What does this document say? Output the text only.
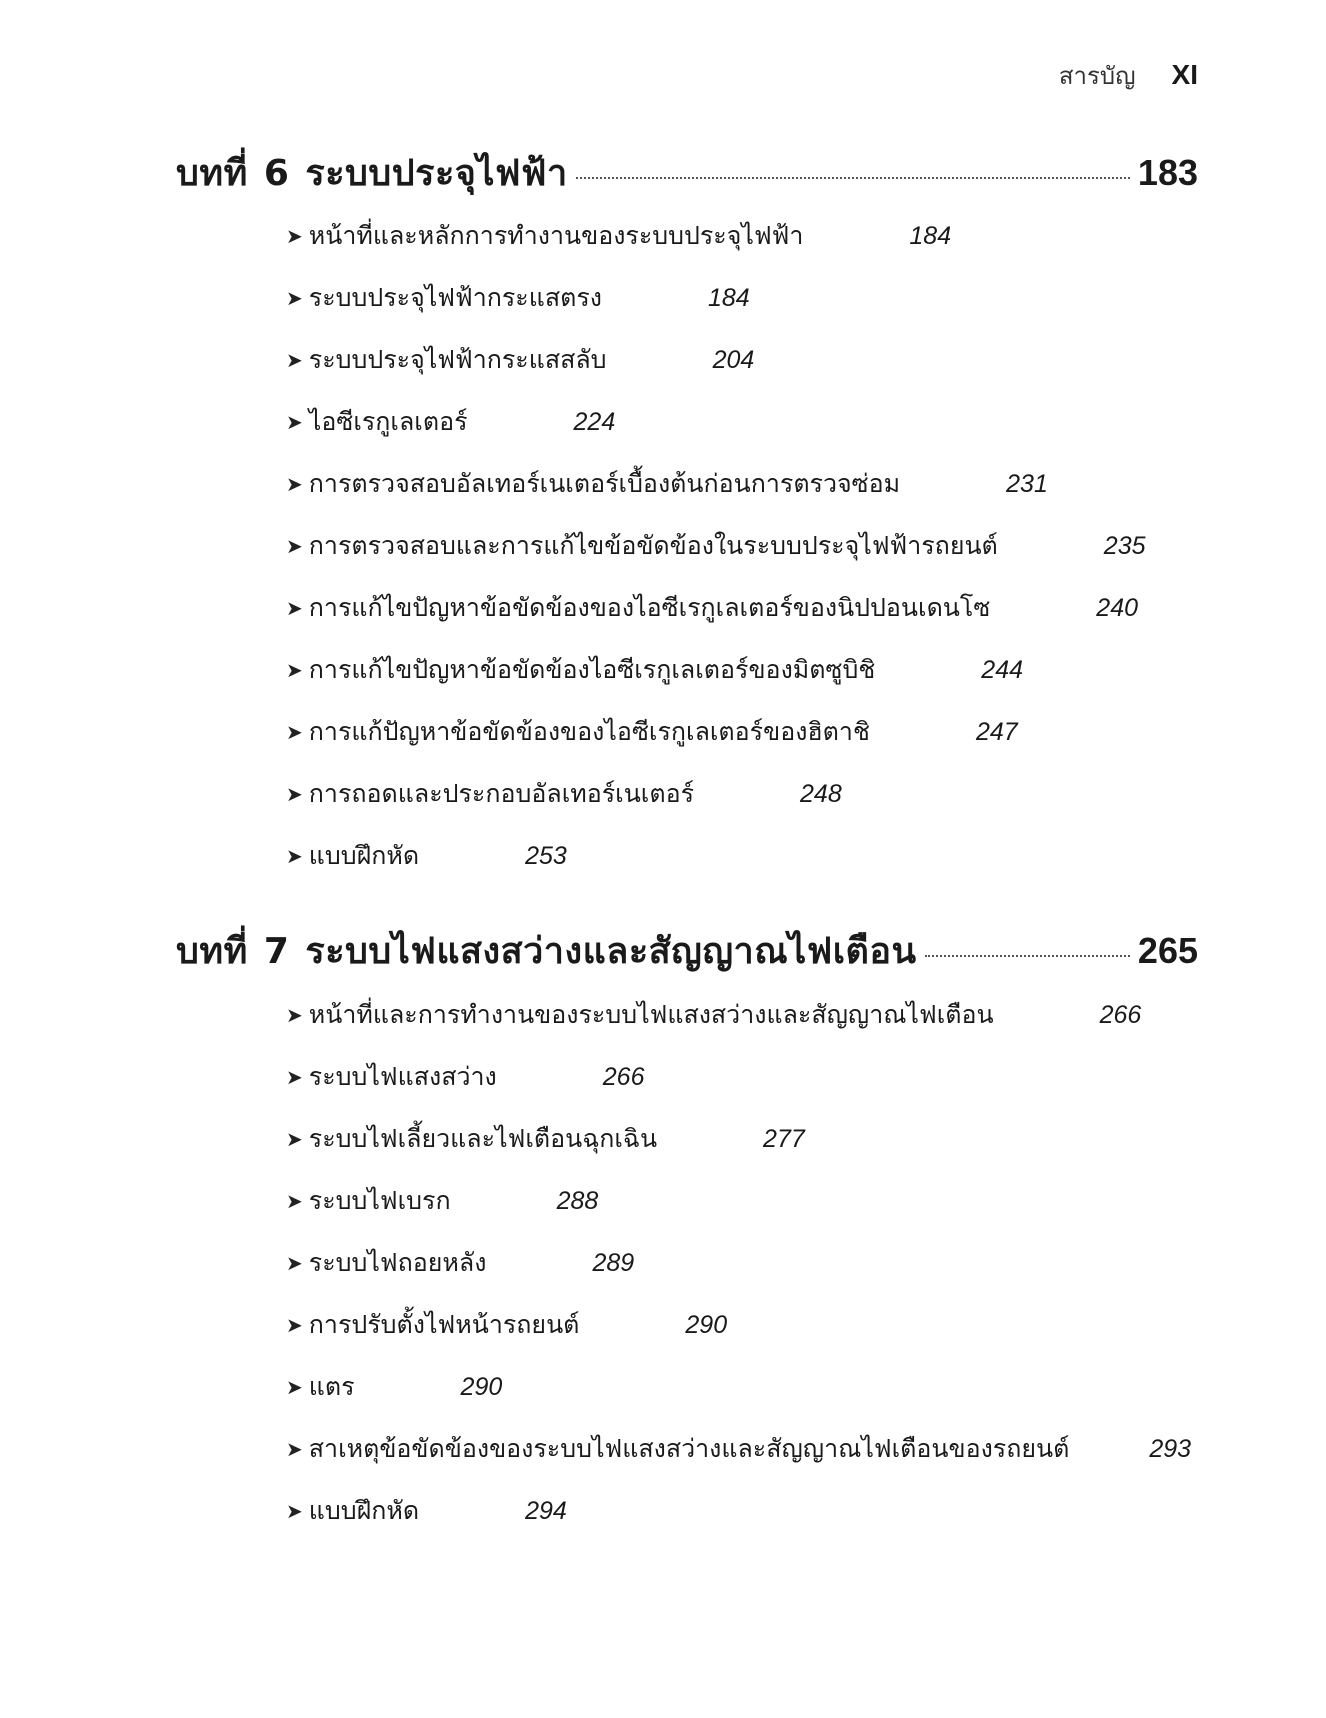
สารบัญ XI
บทที่ 6 ระบบประจุไฟฟ้า	183
➤ หน้าที่และหลักการทำงานของระบบประจุไฟฟ้า	184
➤ ระบบประจุไฟฟ้ากระแสตรง	184
➤ ระบบประจุไฟฟ้ากระแสสลับ	204
➤ ไอซีเรกูเลเตอร์	224
➤ การตรวจสอบอัลเทอร์เนเตอร์เบื้องต้นก่อนการตรวจซ่อม	231
➤ การตรวจสอบและการแก้ไขข้อขัดข้องในระบบประจุไฟฟ้ารถยนต์	235
➤ การแก้ไขปัญหาข้อขัดข้องของไอซีเรกูเลเตอร์ของนิปปอนเดนโซ	240
➤ การแก้ไขปัญหาข้อขัดข้องไอซีเรกูเลเตอร์ของมิตซูบิชิ	244
➤ การแก้ปัญหาข้อขัดข้องของไอซีเรกูเลเตอร์ของฮิตาชิ	247
➤ การถอดและประกอบอัลเทอร์เนเตอร์	248
➤ แบบฝึกหัด	253
บทที่ 7 ระบบไฟแสงสว่างและสัญญาณไฟเตือน	265
➤ หน้าที่และการทำงานของระบบไฟแสงสว่างและสัญญาณไฟเตือน	266
➤ ระบบไฟแสงสว่าง	266
➤ ระบบไฟเลี้ยวและไฟเตือนฉุกเฉิน	277
➤ ระบบไฟเบรก	288
➤ ระบบไฟถอยหลัง	289
➤ การปรับตั้งไฟหน้ารถยนต์	290
➤ แตร	290
➤ สาเหตุข้อขัดข้องของระบบไฟแสงสว่างและสัญญาณไฟเตือนของรถยนต์	293
➤ แบบฝึกหัด	294
